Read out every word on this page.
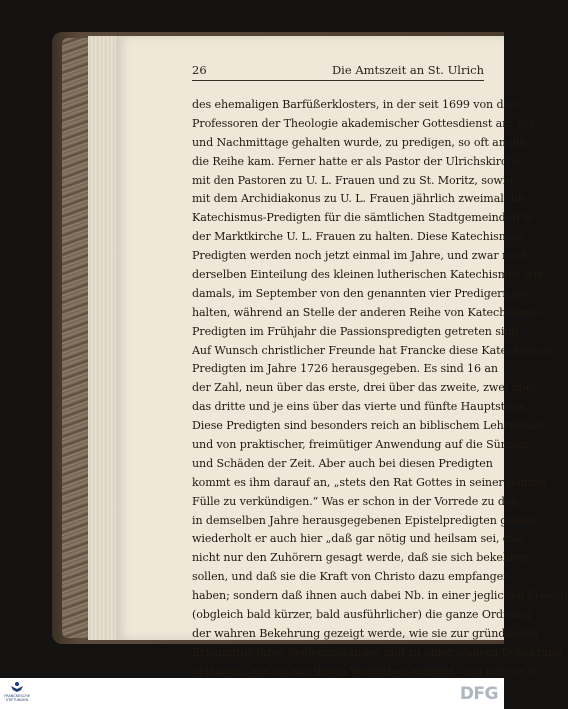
26	Die Amtszeit an St. Ulrich
des ehemaligen Barfüßerklosters, in der seit 1699 von den
Professoren der Theologie akademischer Gottesdienst am Vor-
und Nachmittage gehalten wurde, zu predigen, so oft an ihn
die Reihe kam. Ferner hatte er als Pastor der Ulrichskirche
mit den Pastoren zu U. L. Frauen und zu St. Moritz, sowie
mit dem Archidiakonus zu U. L. Frauen jährlich zweimal die
Katechismus-Predigten für die sämtlichen Stadtgemeinden in
der Marktkirche U. L. Frauen zu halten. Diese Katechismus-
Predigten werden noch jetzt einmal im Jahre, und zwar nach
derselben Einteilung des kleinen lutherischen Katechismus wie
damals, im September von den genannten vier Predigern ge-
halten, während an Stelle der anderen Reihe von Katechismus-
Predigten im Frühjahr die Passionspredigten getreten sind.
Auf Wunsch christlicher Freunde hat Francke diese Katechismus-
Predigten im Jahre 1726 herausgegeben. Es sind 16 an
der Zahl, neun über das erste, drei über das zweite, zwei über
das dritte und je eins über das vierte und fünfte Hauptstück.
Diese Predigten sind besonders reich an biblischem Lehrgehalt
und von praktischer, freimütiger Anwendung auf die Sünden
und Schäden der Zeit. Aber auch bei diesen Predigten
kommt es ihm darauf an, „stets den Rat Gottes in seiner ganzen
Fülle zu verkündigen.“ Was er schon in der Vorrede zu den
in demselben Jahre herausgegebenen Epistelpredigten gesagt,
wiederholt er auch hier „daß gar nötig und heilsam sei, daß
nicht nur den Zuhörern gesagt werde, daß sie sich bekehren
sollen, und daß sie die Kraft von Christo dazu empfangen
haben; sondern daß ihnen auch dabei Nb. in einer jeglichen Predigt
(obgleich bald kürzer, bald ausführlicher) die ganze Ordnung
der wahren Bekehrung gezeigt werde, wie sie zur gründlichen
Erkenntnis ihres Seelenzustandes und zu einer wahren Bekehrung
gelangen, wie sie aus ihrem Verderben errettet, und wie sie in
FRANCKESCHE
STIFTUNGEN	DFG
